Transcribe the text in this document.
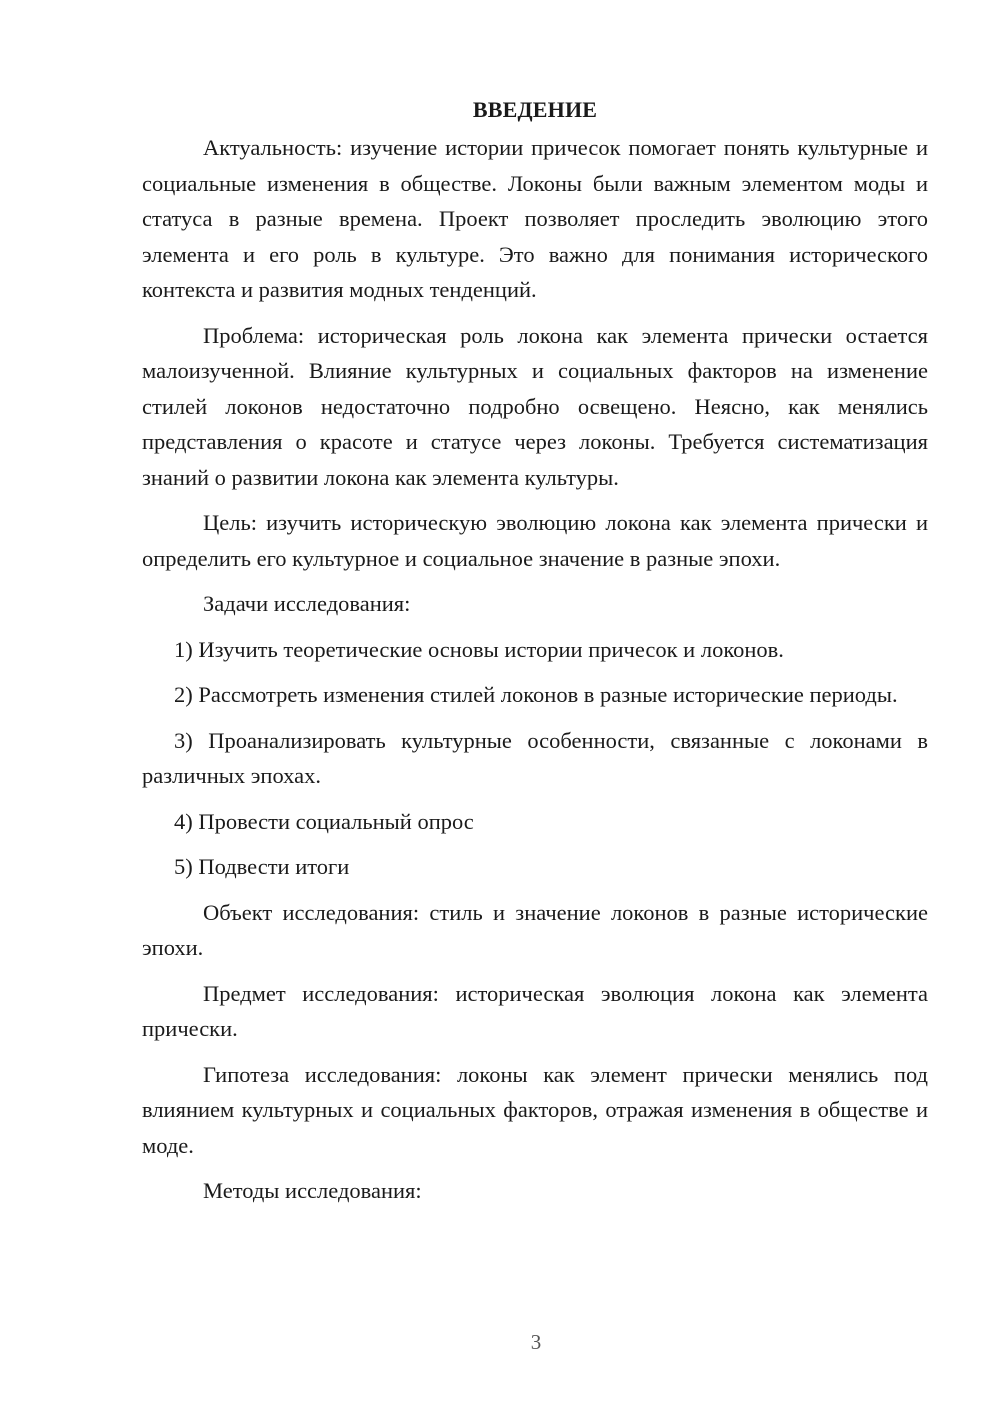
ВВЕДЕНИЕ

Актуальность: изучение истории причесок помогает понять культурные и социальные изменения в обществе. Локоны были важным элементом моды и статуса в разные времена. Проект позволяет проследить эволюцию этого элемента и его роль в культуре. Это важно для понимания исторического контекста и развития модных тенденций.

Проблема: историческая роль локона как элемента прически остается малоизученной. Влияние культурных и социальных факторов на изменение стилей локонов недостаточно подробно освещено. Неясно, как менялись представления о красоте и статусе через локоны. Требуется систематизация знаний о развитии локона как элемента культуры.

Цель: изучить историческую эволюцию локона как элемента прически и определить его культурное и социальное значение в разные эпохи.

Задачи исследования:

1) Изучить теоретические основы истории причесок и локонов.

2) Рассмотреть изменения стилей локонов в разные исторические периоды.

3) Проанализировать культурные особенности, связанные с локонами в различных эпохах.

4) Провести социальный опрос

5) Подвести итоги

Объект исследования: стиль и значение локонов в разные исторические эпохи.

Предмет исследования: историческая эволюция локона как элемента прически.

Гипотеза исследования: локоны как элемент прически менялись под влиянием культурных и социальных факторов, отражая изменения в обществе и моде.

Методы исследования:

3
